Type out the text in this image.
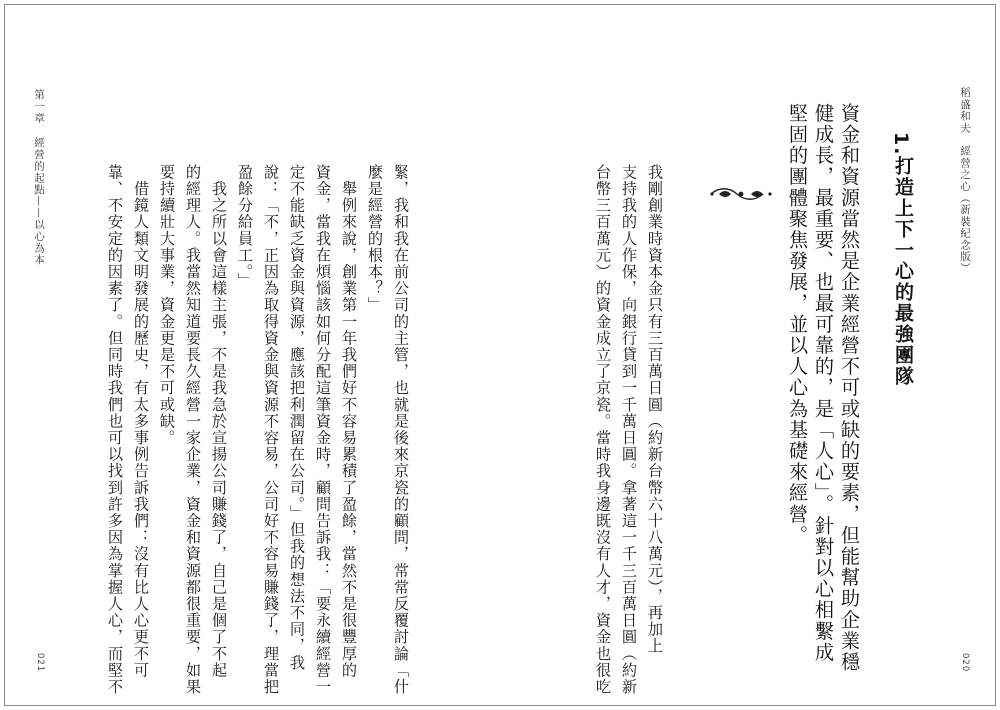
稻盛和夫　經營之心（新裝紀念版）
資金和資源當然是企業經營不可或缺的要素，但能幫助企業穩
健成長，最重要、也最可靠的，是「人心」。針對以心相繫成
堅固的團體聚焦發展，並以人心為基礎來經營。	1.
打造上下一心的最強團隊
我剛創業時資本金只有三百萬日圓（約新台幣六十八萬元），再加上
支持我的人作保，向銀行貸到一千萬日圓。拿著這一千三百萬日圓（約新
台幣三百萬元）的資金成立了京瓷。當時我身邊既沒有人才，資金也很吃	020
第一章
經營的起點——以心為本	緊，我和我在前公司的主管，也就是後來京瓷的顧問，常常反覆討論「什
麼是經營的根本？」
　舉例來說，創業第一年我們好不容易累積了盈餘，當然不是很豐厚的
資金，當我在煩惱該如何分配這筆資金時，顧問告訴我：「要永續經營一
定不能缺乏資金與資源，應該把利潤留在公司。」但我的想法不同，我
說：「不，正因為取得資金與資源不容易，公司好不容易賺錢了，理當把
盈餘分給員工。」
　我之所以會這樣主張，不是我急於宣揚公司賺錢了，自己是個了不起
的經理人。我當然知道要長久經營一家企業，資金和資源都很重要，如果
要持續壯大事業，資金更是不可或缺。
　借鏡人類文明發展的歷史，有太多事例告訴我們：沒有比人心更不可
靠、不安定的因素了。但同時我們也可以找到許多因為掌握人心，而堅不
021
